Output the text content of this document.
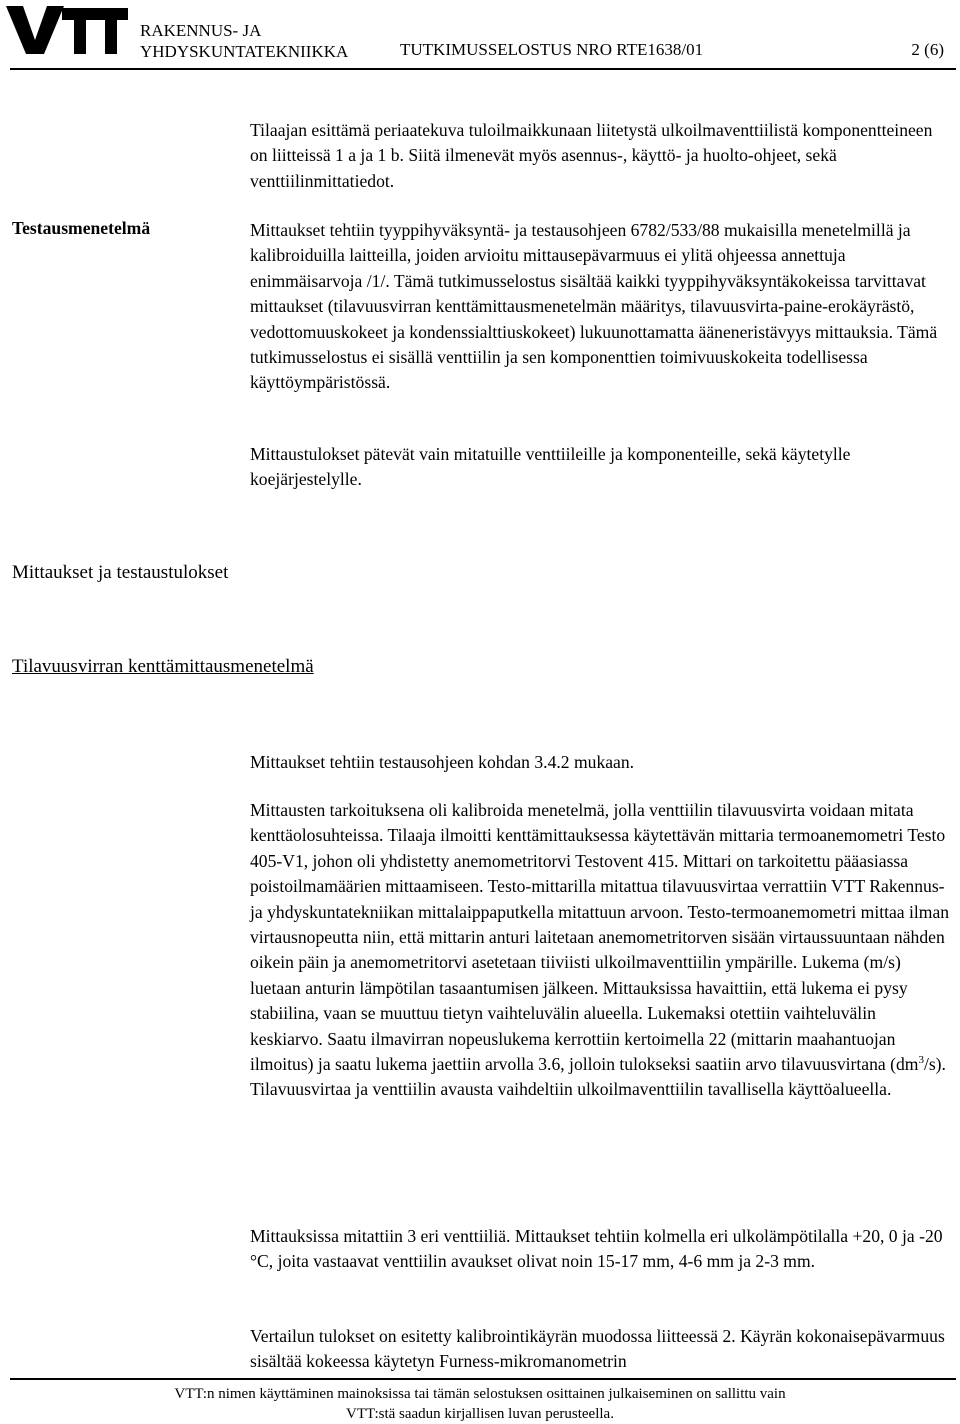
RAKENNUS- JA
YHDYSKUNTATEKNIIKKA	TUTKIMUSSELOSTUS NRO RTE1638/01	2 (6)
Tilaajan esittämä periaatekuva tuloilmaikkunaan liitetystä ulkoilmaventtiilistä komponentteineen on liitteissä 1 a ja 1 b. Siitä ilmenevät myös asennus-, käyttö- ja huolto-ohjeet, sekä venttiilinmittatiedot.
Testausmenetelmä	Mittaukset tehtiin tyyppihyväksyntä- ja testausohjeen 6782/533/88 mukaisilla menetelmillä ja kalibroiduilla laitteilla, joiden arvioitu mittausepävarmuus ei ylitä ohjeessa annettuja enimmäisarvoja /1/. Tämä tutkimusselostus sisältää kaikki tyyppihyväksyntäkokeissa tarvittavat mittaukset (tilavuusvirran kenttämittausmenetelmän määritys, tilavuusvirta-paine-erokäyrästö, vedottomuuskokeet ja kondenssialttiuskokeet) lukuunottamatta ääneneristävyys mittauksia. Tämä tutkimusselostus ei sisällä venttiilin ja sen komponenttien toimivuuskokeita todellisessa käyttöympäristössä.
Mittaustulokset pätevät vain mitatuille venttiileille ja komponenteille, sekä käytetylle koejärjestelylle.
Mittaukset ja testaustulokset
Tilavuusvirran kenttämittausmenetelmä
Mittaukset tehtiin testausohjeen kohdan 3.4.2 mukaan.
Mittausten tarkoituksena oli kalibroida menetelmä, jolla venttiilin tilavuusvirta voidaan mitata kenttäolosuhteissa. Tilaaja ilmoitti kenttämittauksessa käytettävän mittaria termoanemometri Testo 405-V1, johon oli yhdistetty anemometritorvi Testovent 415. Mittari on tarkoitettu pääasiassa poistoilmamäärien mittaamiseen. Testo-mittarilla mitattua tilavuusvirtaa verrattiin VTT Rakennus- ja yhdyskuntatekniikan mittalaippaputkella mitattuun arvoon. Testo-termoanemometri mittaa ilman virtausnopeutta niin, että mittarin anturi laitetaan anemometritorven sisään virtaussuuntaan nähden oikein päin ja anemometritorvi asetetaan tiiviisti ulkoilmaventtiilin ympärille. Lukema (m/s) luetaan anturin lämpötilan tasaantumisen jälkeen. Mittauksissa havaittiin, että lukema ei pysy stabiilina, vaan se muuttuu tietyn vaihteluvälin alueella. Lukemaksi otettiin vaihteluvälin keskiarvo. Saatu ilmavirran nopeuslukema kerrottiin kertoimella 22 (mittarin maahantuojan ilmoitus) ja saatu lukema jaettiin arvolla 3.6, jolloin tulokseksi saatiin arvo tilavuusvirtana $(dm^3/s)$. Tilavuusvirtaa ja venttiilin avausta vaihdeltiin ulkoilmaventtiilin tavallisella käyttöalueella.
Mittauksissa mitattiin 3 eri venttiiliä. Mittaukset tehtiin kolmella eri ulkolämpötilalla +20, 0 ja -20 °C, joita vastaavat venttiilin avaukset olivat noin 15-17 mm, 4-6 mm ja 2-3 mm.
Vertailun tulokset on esitetty kalibrointikäyrän muodossa liitteessä 2. Käyrän kokonaisepävarmuus sisältää kokeessa käytetyn Furness-mikromanometrin
VTT:n nimen käyttäminen mainoksissa tai tämän selostuksen osittainen julkaiseminen on sallittu vain
VTT:stä saadun kirjallisen luvan perusteella.
